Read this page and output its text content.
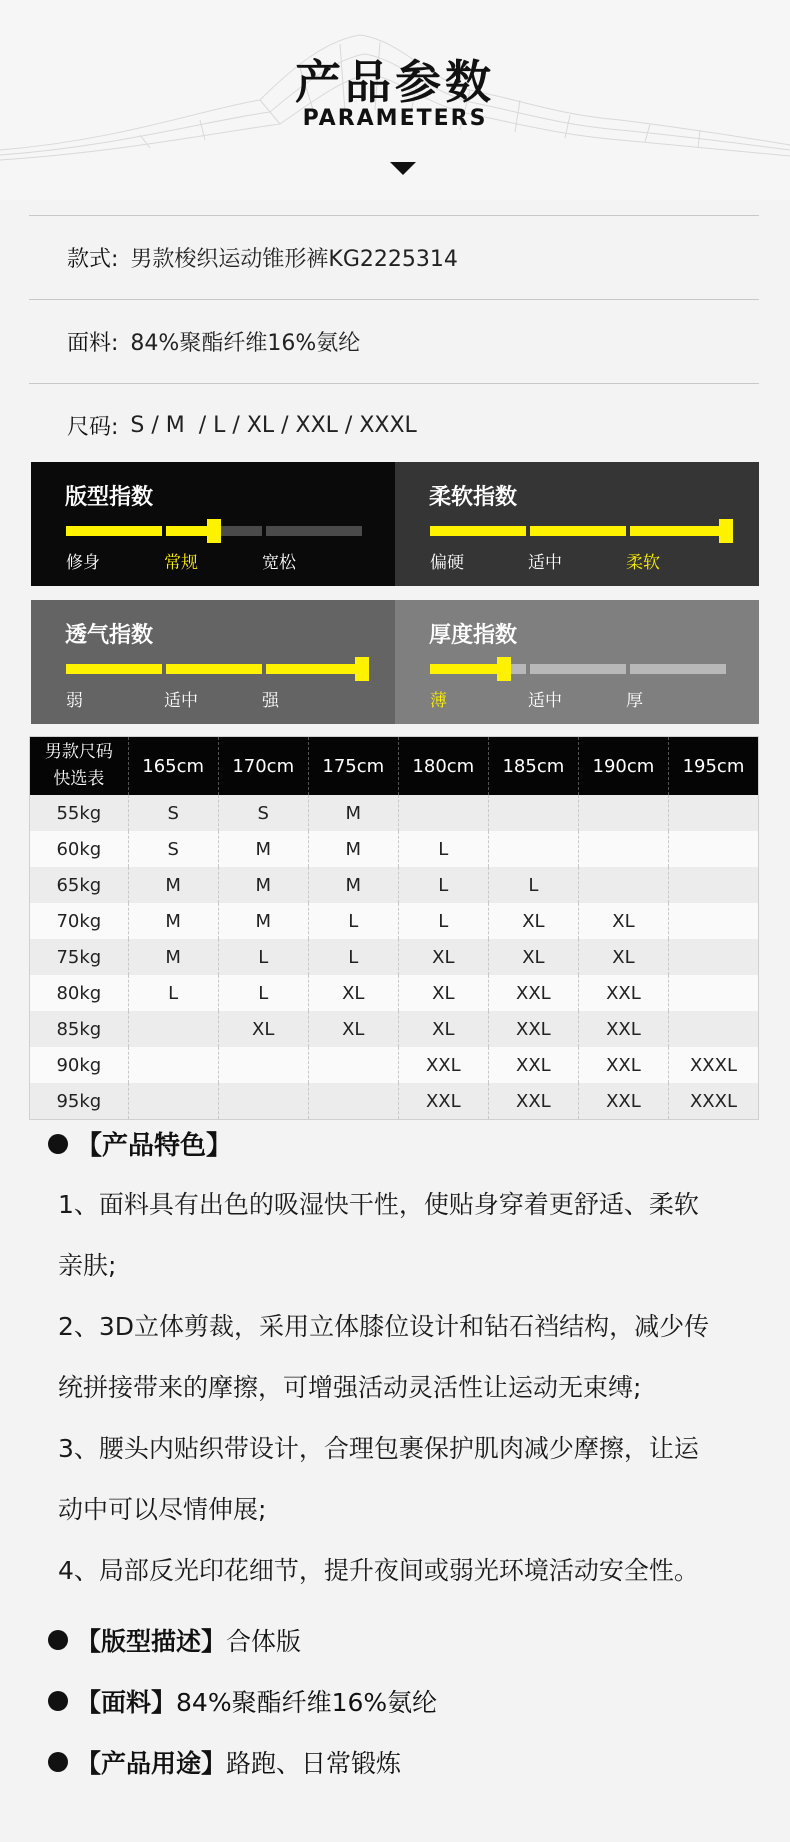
产品参数
PARAMETERS
款式: 男款梭织运动锥形裤KG2225314
面料: 84%聚酯纤维16%氨纶
尺码: S / M  / L / XL / XXL / XXXL
版型指数
修身	常规	宽松
柔软指数
偏硬	适中	柔软
透气指数
弱	适中	强
厚度指数
薄	适中	厚
男款尺码
快选表	165cm	170cm	175cm	180cm	185cm	190cm	195cm
55kg	S	S	M				
60kg	S	M	M	L			
65kg	M	M	M	L	L		
70kg	M	M	L	L	XL	XL	
75kg	M	L	L	XL	XL	XL	
80kg	L	L	XL	XL	XXL	XXL	
85kg		XL	XL	XL	XXL	XXL	
90kg				XXL	XXL	XXL	XXXL
95kg				XXL	XXL	XXL	XXXL
【产品特色】
1、面料具有出色的吸湿快干性，使贴身穿着更舒适、柔软
亲肤;
2、3D立体剪裁，采用立体膝位设计和钻石裆结构，减少传
统拼接带来的摩擦，可增强活动灵活性让运动无束缚;
3、腰头内贴织带设计，合理包裹保护肌肉减少摩擦，让运
动中可以尽情伸展;
4、局部反光印花细节，提升夜间或弱光环境活动安全性。
【版型描述】 合体版
【面料】 84%聚酯纤维16%氨纶
【产品用途】 路跑、日常锻炼
